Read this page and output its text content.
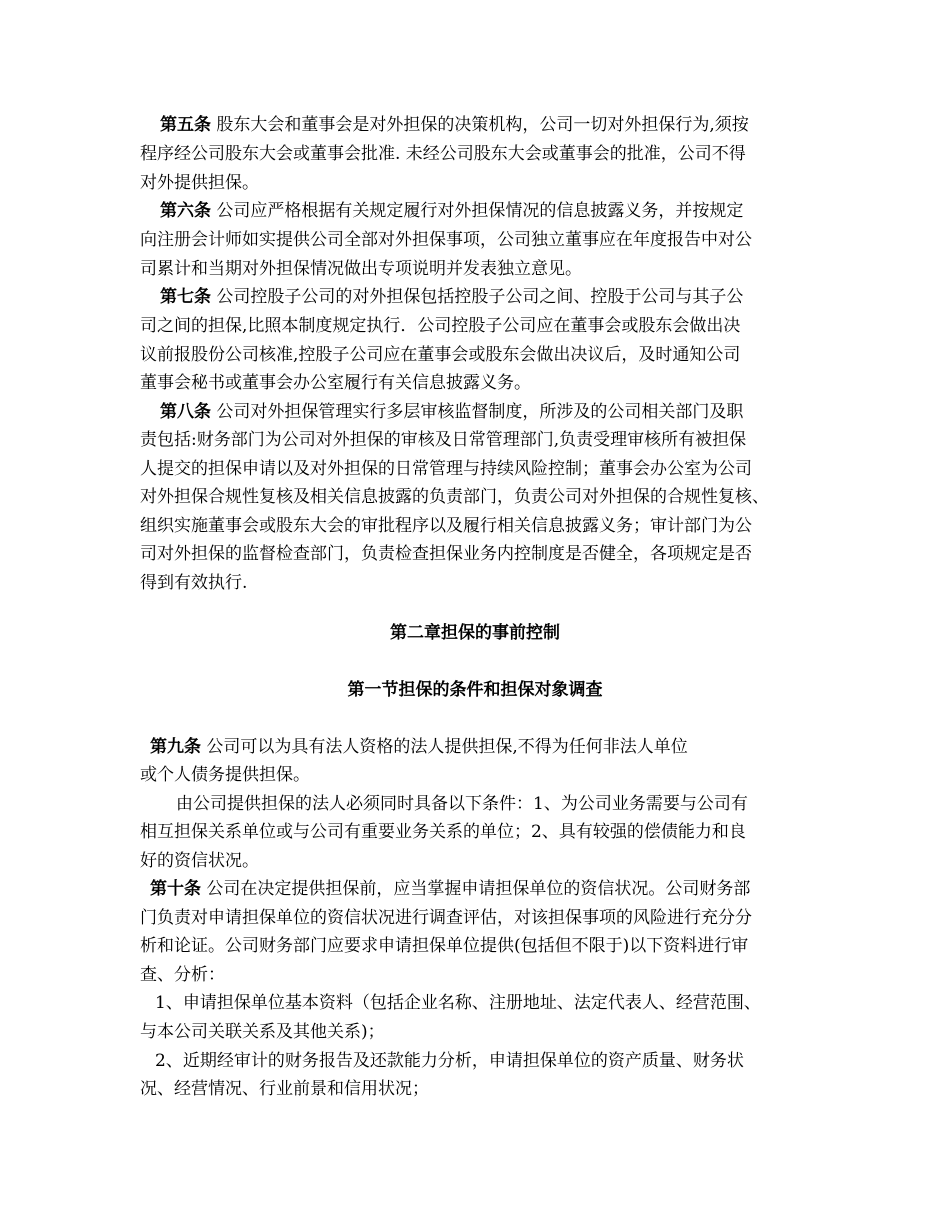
第五条 股东大会和董事会是对外担保的决策机构，公司一切对外担保行为,须按
程序经公司股东大会或董事会批准. 未经公司股东大会或董事会的批准，公司不得
对外提供担保。
第六条 公司应严格根据有关规定履行对外担保情况的信息披露义务，并按规定
向注册会计师如实提供公司全部对外担保事项，公司独立董事应在年度报告中对公
司累计和当期对外担保情况做出专项说明并发表独立意见。
第七条 公司控股子公司的对外担保包括控股子公司之间、控股于公司与其子公
司之间的担保,比照本制度规定执行．公司控股子公司应在董事会或股东会做出决
议前报股份公司核准,控股子公司应在董事会或股东会做出决议后，及时通知公司
董事会秘书或董事会办公室履行有关信息披露义务。
第八条 公司对外担保管理实行多层审核监督制度，所涉及的公司相关部门及职
责包括:财务部门为公司对外担保的审核及日常管理部门,负责受理审核所有被担保
人提交的担保申请以及对外担保的日常管理与持续风险控制；董事会办公室为公司
对外担保合规性复核及相关信息披露的负责部门，负责公司对外担保的合规性复核、
组织实施董事会或股东大会的审批程序以及履行相关信息披露义务；审计部门为公
司对外担保的监督检查部门，负责检查担保业务内控制度是否健全，各项规定是否
得到有效执行.
第二章担保的事前控制
第一节担保的条件和担保对象调查
第九条 公司可以为具有法人资格的法人提供担保,不得为任何非法人单位
或个人债务提供担保。
由公司提供担保的法人必须同时具备以下条件：1、为公司业务需要与公司有
相互担保关系单位或与公司有重要业务关系的单位；2、具有较强的偿债能力和良
好的资信状况。
第十条 公司在决定提供担保前，应当掌握申请担保单位的资信状况。公司财务部
门负责对申请担保单位的资信状况进行调查评估，对该担保事项的风险进行充分分
析和论证。公司财务部门应要求申请担保单位提供(包括但不限于)以下资料进行审
查、分析：
1、申请担保单位基本资料（包括企业名称、注册地址、法定代表人、经营范围、
与本公司关联关系及其他关系)；
2、近期经审计的财务报告及还款能力分析，申请担保单位的资产质量、财务状
况、经营情况、行业前景和信用状况；
